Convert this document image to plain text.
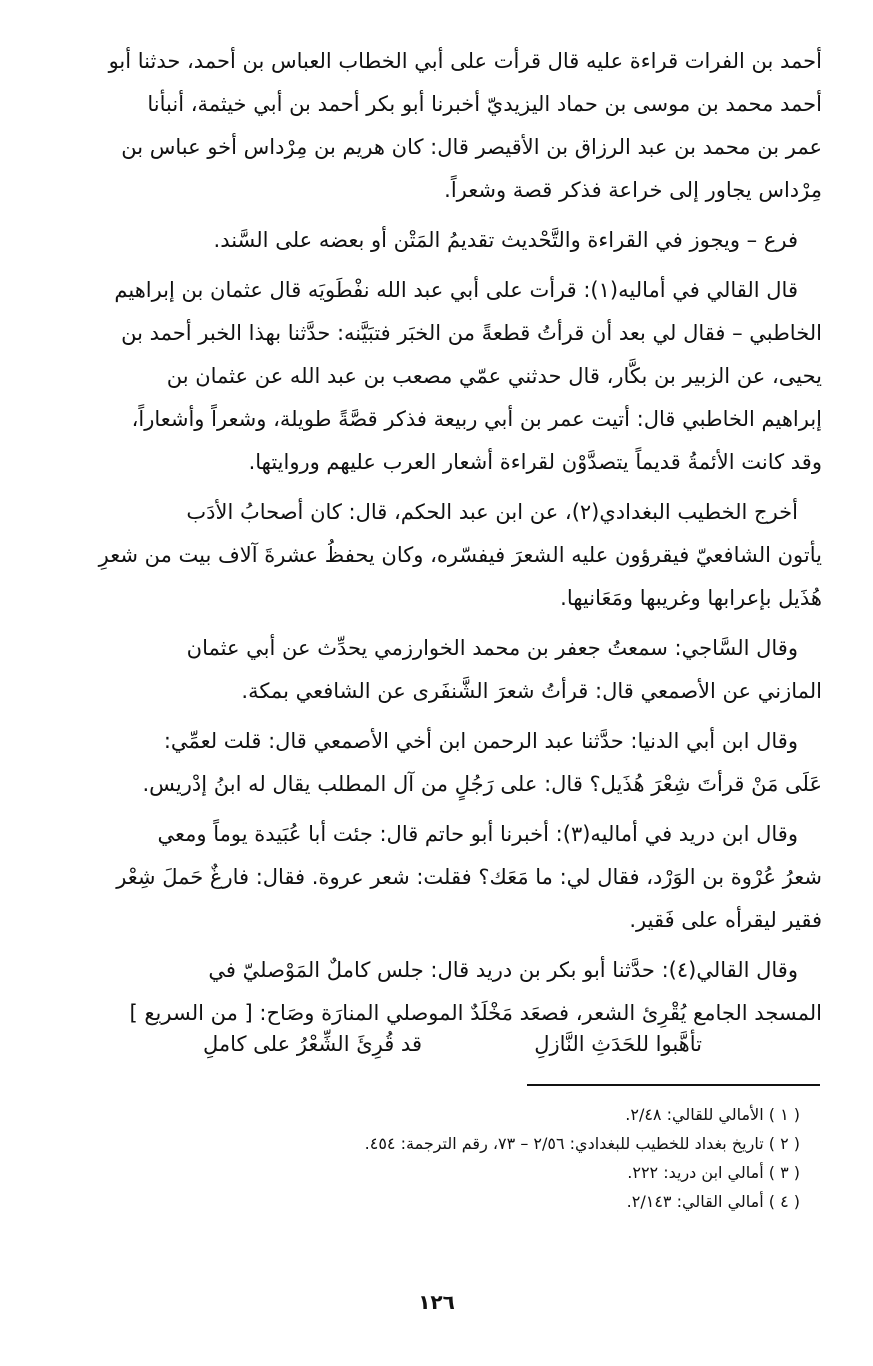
أحمد بن الفرات قراءة عليه قال قرأت على أبي الخطاب العباس بن أحمد، حدثنا أبو
أحمد محمد بن موسى بن حماد اليزيديّ أخبرنا أبو بكر أحمد بن أبي خيثمة، أنبأنا
عمر بن محمد بن عبد الرزاق بن الأقيصر قال: كان هريم بن مِرْداس أخو عباس بن
مِرْداس يجاور إلى خراعة فذكر قصة وشعراً.
فرع – ويجوز في القراءة والتَّحْديث تقديمُ المَتْن أو بعضه على السَّند.
قال القالي في أماليه(١): قرأت على أبي عبد الله نفْطَويَه قال عثمان بن إبراهيم
الخاطبي – فقال لي بعد أن قرأتُ قطعةً من الخبَر فتبَيَّنه: حدَّثنا بهذا الخبر أحمد بن
يحيى، عن الزبير بن بكَّار، قال حدثني عمّي مصعب بن عبد الله عن عثمان بن
إبراهيم الخاطبي قال: أتيت عمر بن أبي ربيعة فذكر قصَّةً طويلة، وشعراً وأشعاراً،
وقد كانت الأئمةُ قديماً يتصدَّوْن لقراءة أشعار العرب عليهم وروايتها.
أخرج الخطيب البغدادي(٢)، عن ابن عبد الحكم، قال: كان أصحابُ الأدَب
يأتون الشافعيّ فيقرؤون عليه الشعرَ فيفسّره، وكان يحفظُ عشرةَ آلاف بيت من شعرِ
هُذَيل بإعرابها وغريبها ومَعَانيها.
وقال السَّاجي: سمعتُ جعفر بن محمد الخوارزمي يحدِّث عن أبي عثمان
المازني عن الأصمعي قال: قرأتُ شعرَ الشَّنفَرى عن الشافعي بمكة.
وقال ابن أبي الدنيا: حدَّثنا عبد الرحمن ابن أخي الأصمعي قال: قلت لعمِّي:
عَلَى مَنْ قرأتَ شِعْرَ هُذَيل؟ قال: على رَجُلٍ من آل المطلب يقال له ابنُ إدْريس.
وقال ابن دريد في أماليه(٣): أخبرنا أبو حاتم قال: جئت أبا عُبَيدة يوماً ومعي
شعرُ عُرْوة بن الوَرْد، فقال لي: ما مَعَك؟ فقلت: شعر عروة. فقال: فارغٌ حَملَ شِعْر
فقير ليقرأه على فَقير.
وقال القالي(٤): حدَّثنا أبو بكر بن دريد قال: جلس كاملٌ المَوْصليّ في
المسجد الجامع يُقْرِئ الشعر، فصعَد مَخْلَدٌ الموصلي المنارَة وصَاح: [ من السريع ]
تأهَّبوا للحَدَثِ النَّازلِ
قد قُرِئَ الشِّعْرُ على كاملِ
( ١ ) الأمالي للقالي: ٢/٤٨.
( ٢ ) تاريخ بغداد للخطيب للبغدادي: ٢/٥٦ – ٧٣، رقم الترجمة: ٤٥٤.
( ٣ ) أمالي ابن دريد: ٢٢٢.
( ٤ ) أمالي القالي: ٢/١٤٣.
١٢٦
